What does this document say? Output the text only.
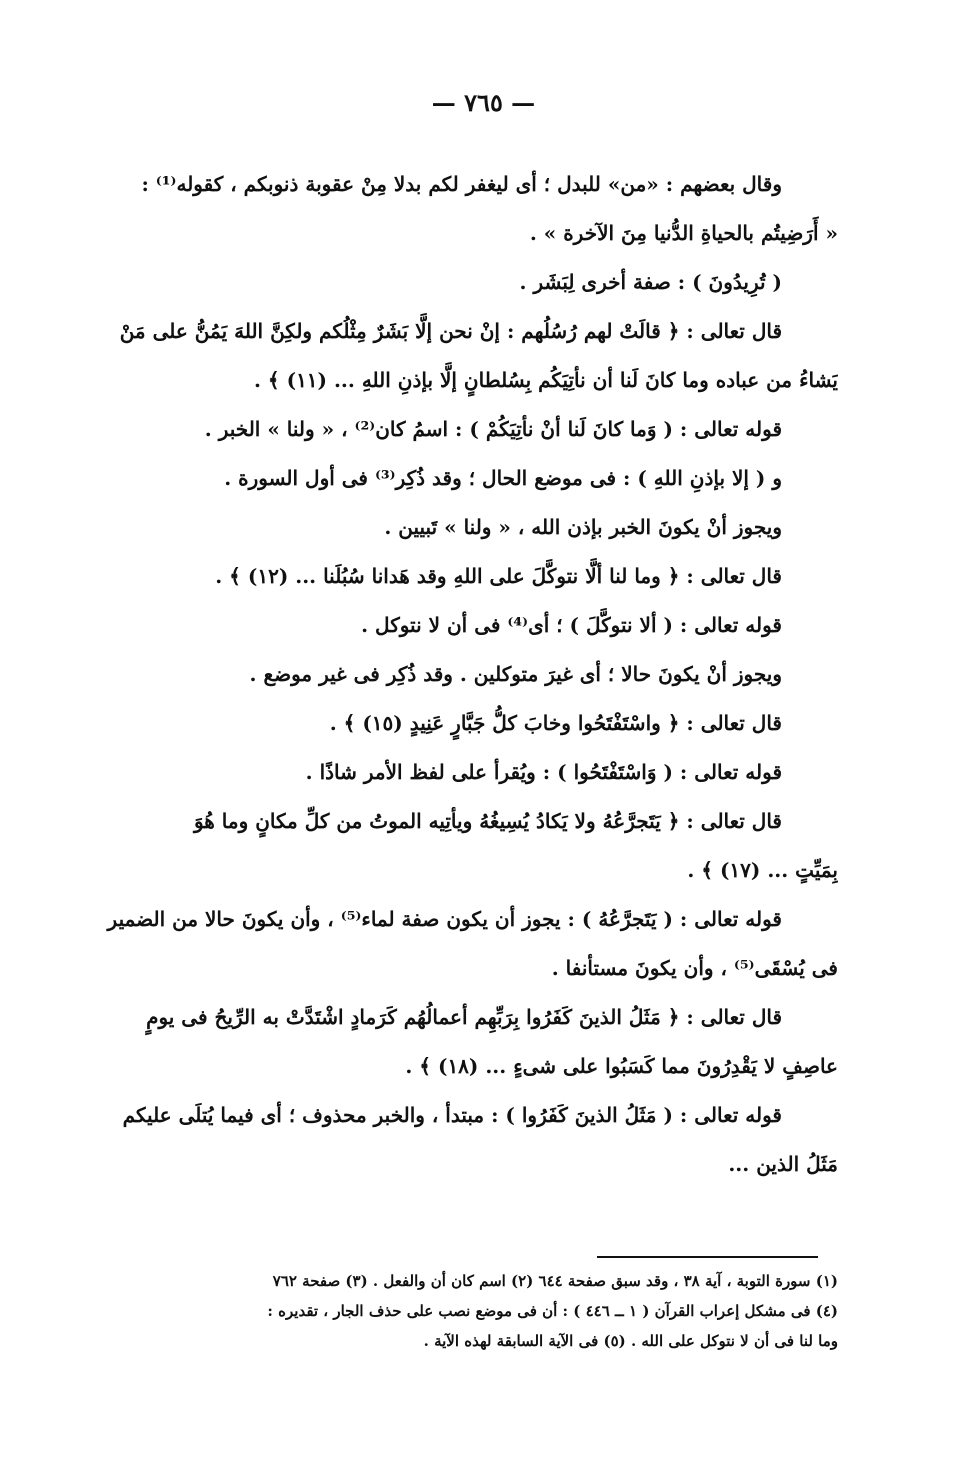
— ٧٦٥ —
وقال بعضهم : «من» للبدل ؛ أى ليغفر لكم بدلا مِنْ عقوبة ذنوبكم ، كقوله⁽¹⁾ :
« أَرَضِيتُم بالحياةِ الدُّنيا مِنَ الآخرة » .
( تُرِيدُونَ ) : صفة أخرى لِبَشَر .
قال تعالى : ﴿ قالَتْ لهم رُسُلُهم : إنْ نحن إلَّا بَشَرٌ مِثْلُكم ولكِنَّ اللهَ يَمُنُّ على مَنْ
يَشاءُ من عباده وما كانَ لَنا أن نأتِيَكُم بِسُلطانٍ إلَّا بإذنِ اللهِ ... (١١) ﴾ .
قوله تعالى : ( وَما كانَ لَنا أنْ نأتِيَكُمْ ) : اسمُ كان⁽²⁾ ، « ولنا » الخبر .
و ( إلا بإذنِ اللهِ ) : فى موضع الحال ؛ وقد ذُكِر⁽³⁾ فى أول السورة .
ويجوز أنْ يكونَ الخبر بإذن الله ، « ولنا » تَبيين .
قال تعالى : ﴿ وما لنا ألَّا نتوكَّلَ على اللهِ وقد هَدانا سُبُلَنا ... (١٢) ﴾ .
قوله تعالى : ( ألا نتوكَّلَ ) ؛ أى⁽⁴⁾ فى أن لا نتوكل .
ويجوز أنْ يكونَ حالا ؛ أى غيرَ متوكلين . وقد ذُكِر فى غير موضع .
قال تعالى : ﴿ واسْتَفْتَحُوا وخابَ كلُّ جَبَّارٍ عَنِيدٍ (١٥) ﴾ .
قوله تعالى : ( وَاسْتَفْتَحُوا ) : ويُقرأ على لفظ الأمر شاذًا .
قال تعالى : ﴿ يَتَجرَّعُهُ ولا يَكادُ يُسِيغُهُ ويأتِيه الموتُ من كلِّ مكانٍ وما هُوَ
بِمَيِّتٍ ... (١٧) ﴾ .
قوله تعالى : ( يَتَجرَّعُهُ ) : يجوز أن يكون صفة لماء⁽⁵⁾ ، وأن يكونَ حالا من الضمير
فى يُسْقَى⁽⁵⁾ ، وأن يكونَ مستأنفا .
قال تعالى : ﴿ مَثَلُ الذينَ كَفَرُوا بِرَبِّهِم أعمالُهُم كَرَمادٍ اشْتَدَّتْ به الرِّيحُ فى يومٍ
عاصِفٍ لا يَقْدِرُونَ مما كَسَبُوا على شىءٍ ... (١٨) ﴾ .
قوله تعالى : ( مَثَلُ الذينَ كَفَرُوا ) : مبتدأ ، والخبر محذوف ؛ أى فيما يُتلَى عليكم
مَثَلُ الذين ...
(١) سورة التوبة ، آية ٣٨ ، وقد سبق صفحة ٦٤٤ (٢) اسم كان أن والفعل . (٣) صفحة ٧٦٢
(٤) فى مشكل إعراب القرآن ( ١ ــ ٤٤٦ ) : أن فى موضع نصب على حذف الجار ، تقديره :
وما لنا فى أن لا نتوكل على الله . (٥) فى الآية السابقة لهذه الآية .
